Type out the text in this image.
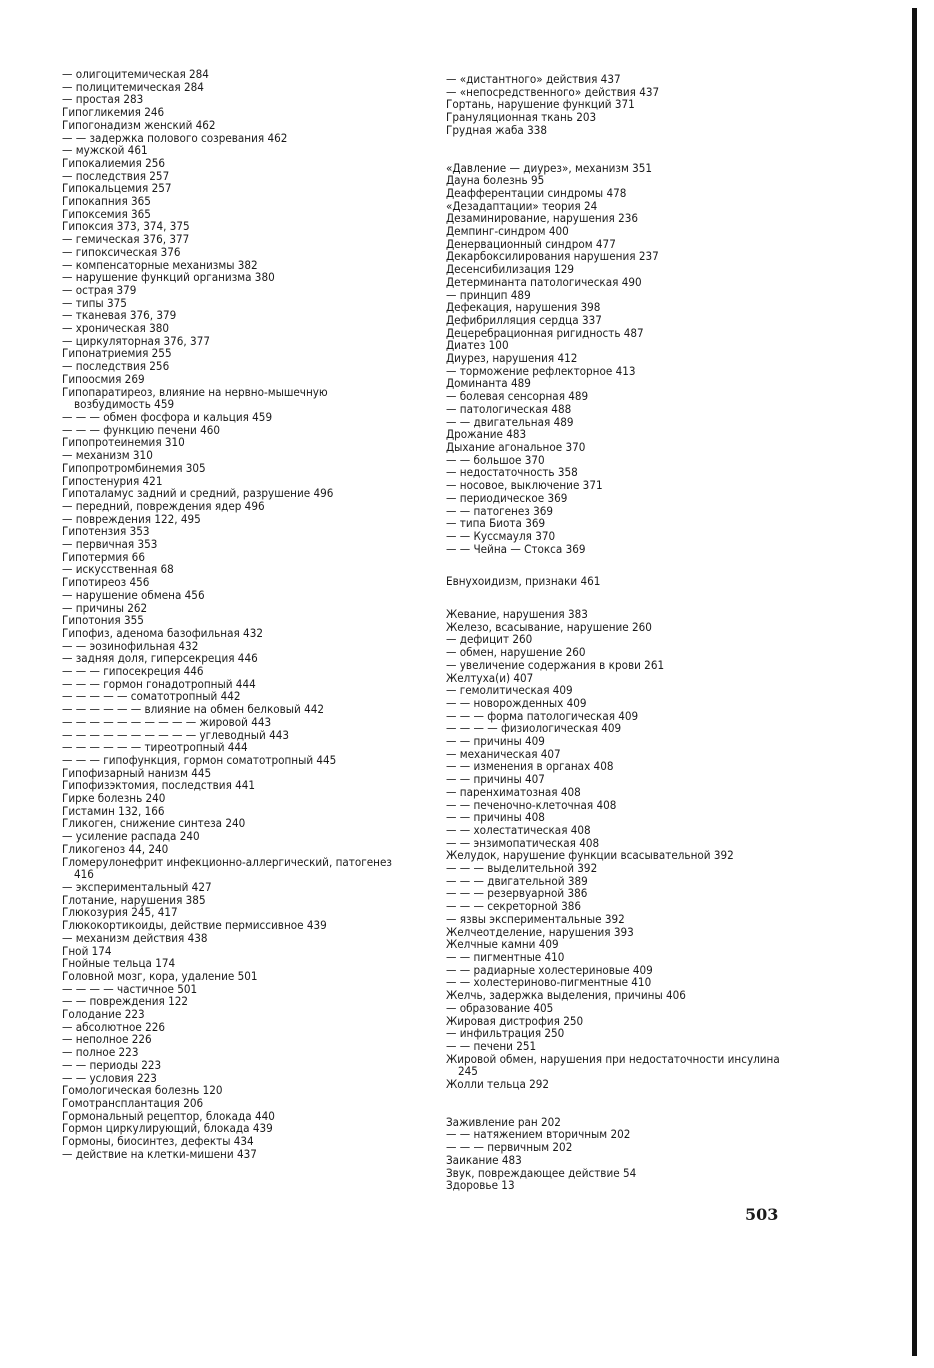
— олигоцитемическая 284
— полицитемическая 284
— простая 283
Гипогликемия 246
Гипогонадизм женский 462
— — задержка полового созревания 462
— мужской 461
Гипокалиемия 256
— последствия 257
Гипокальцемия 257
Гипокапния 365
Гипоксемия 365
Гипоксия 373, 374, 375
— гемическая 376, 377
— гипоксическая 376
— компенсаторные механизмы 382
— нарушение функций организма 380
— острая 379
— типы 375
— тканевая 376, 379
— хроническая 380
— циркуляторная 376, 377
Гипонатриемия 255
— последствия 256
Гипоосмия 269
Гипопаратиреоз, влияние на нервно-мышечную возбудимость 459
— — — обмен фосфора и кальция 459
— — — функцию печени 460
Гипопротеинемия 310
— механизм 310
Гипопротромбинемия 305
Гипостенурия 421
Гипоталамус задний и средний, разрушение 496
— передний, повреждения ядер 496
— повреждения 122, 495
Гипотензия 353
— первичная 353
Гипотермия 66
— искусственная 68
Гипотиреоз 456
— нарушение обмена 456
— причины 262
Гипотония 355
Гипофиз, аденома базофильная 432
— — эозинофильная 432
— задняя доля, гиперсекреция 446
— — — гипосекреция 446
— — — гормон гонадотропный 444
— — — — — соматотропный 442
— — — — — — влияние на обмен белковый 442
— — — — — — — — — — жировой 443
— — — — — — — — — — углеводный 443
— — — — — — тиреотропный 444
— — — гипофункция, гормон соматотропный 445
Гипофизарный нанизм 445
Гипофизэктомия, последствия 441
Гирке болезнь 240
Гистамин 132, 166
Гликоген, снижение синтеза 240
— усиление распада 240
Гликогеноз 44, 240
Гломерулонефрит инфекционно-аллергический, патогенез 416
— экспериментальный 427
Глотание, нарушения 385
Глюкозурия 245, 417
Глюкокортикоиды, действие пермиссивное 439
— механизм действия 438
Гной 174
Гнойные тельца 174
Головной мозг, кора, удаление 501
— — — — частичное 501
— — повреждения 122
Голодание 223
— абсолютное 226
— неполное 226
— полное 223
— — периоды 223
— — условия 223
Гомологическая болезнь 120
Гомотрансплантация 206
Гормональный рецептор, блокада 440
Гормон циркулирующий, блокада 439
Гормоны, биосинтез, дефекты 434
— действие на клетки-мишени 437
— «дистантного» действия 437
— «непосредственного» действия 437
Гортань, нарушение функций 371
Грануляционная ткань 203
Грудная жаба 338
«Давление — диурез», механизм 351
Дауна болезнь 95
Деафферентации синдромы 478
«Дезадаптации» теория 24
Дезаминирование, нарушения 236
Демпинг-синдром 400
Денервационный синдром 477
Декарбоксилирования нарушения 237
Десенсибилизация 129
Детерминанта патологическая 490
— принцип 489
Дефекация, нарушения 398
Дефибрилляция сердца 337
Децеребрационная ригидность 487
Диатез 100
Диурез, нарушения 412
— торможение рефлекторное 413
Доминанта 489
— болевая сенсорная 489
— патологическая 488
— — двигательная 489
Дрожание 483
Дыхание агональное 370
— — большое 370
— недостаточность 358
— носовое, выключение 371
— периодическое 369
— — патогенез 369
— типа Биота 369
— — Куссмауля 370
— — Чейна — Стокса 369
Евнухоидизм, признаки 461
Жевание, нарушения 383
Железо, всасывание, нарушение 260
— дефицит 260
— обмен, нарушение 260
— увеличение содержания в крови 261
Желтуха(и) 407
— гемолитическая 409
— — новорожденных 409
— — — форма патологическая 409
— — — — физиологическая 409
— — причины 409
— механическая 407
— — изменения в органах 408
— — причины 407
— паренхиматозная 408
— — печеночно-клеточная 408
— — причины 408
— — холестатическая 408
— — энзимопатическая 408
Желудок, нарушение функции всасывательной 392
— — — выделительной 392
— — — двигательной 389
— — — резервуарной 386
— — — секреторной 386
— язвы экспериментальные 392
Желчеотделение, нарушения 393
Желчные камни 409
— — пигментные 410
— — радиарные холестериновые 409
— — холестериново-пигментные 410
Желчь, задержка выделения, причины 406
— образование 405
Жировая дистрофия 250
— инфильтрация 250
— — печени 251
Жировой обмен, нарушения при недостаточности инсулина 245
Жолли тельца 292
Заживление ран 202
— — натяжением вторичным 202
— — — первичным 202
Заикание 483
Звук, повреждающее действие 54
Здоровье 13
503
